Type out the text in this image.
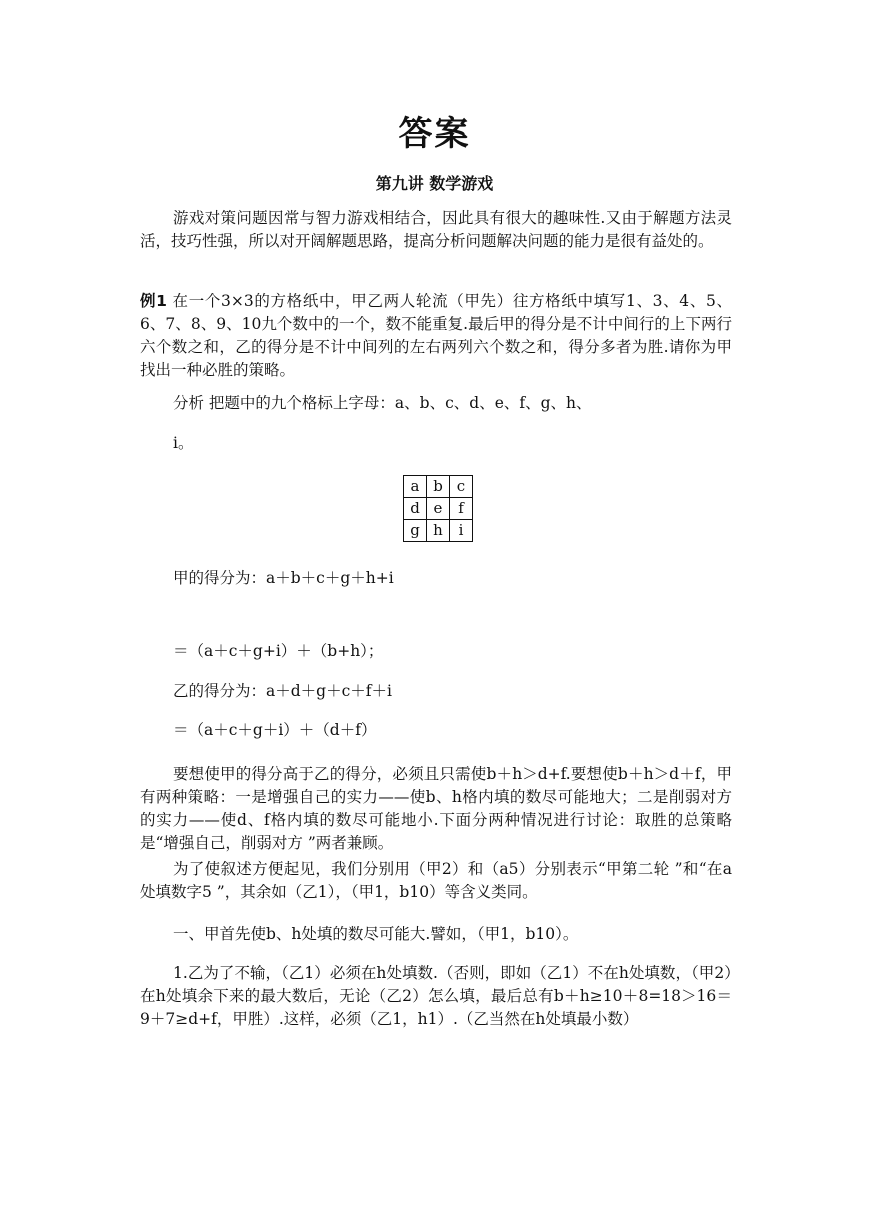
答案
第九讲 数学游戏

游戏对策问题因常与智力游戏相结合，因此具有很大的趣味性.又由于解题方法灵活，技巧性强，所以对开阔解题思路，提高分析问题解决问题的能力是很有益处的。

例1 在一个3×3的方格纸中，甲乙两人轮流（甲先）往方格纸中填写1、3、4、5、6、7、8、9、10九个数中的一个，数不能重复.最后甲的得分是不计中间行的上下两行六个数之和，乙的得分是不计中间列的左右两列六个数之和，得分多者为胜.请你为甲找出一种必胜的策略。

分析 把题中的九个格标上字母：a、b、c、d、e、f、g、h、
i。
a	b	c
d	e	f
g	h	i
甲的得分为：a＋b＋c＋g＋h+i
＝（a＋c＋g+i）＋（b+h）；
乙的得分为：a＋d＋g＋c＋f＋i
＝（a＋c＋g＋i）＋（d＋f）

要想使甲的得分高于乙的得分，必须且只需使b＋h＞d+f.要想使b＋h＞d＋f，甲有两种策略：一是增强自己的实力——使b、h格内填的数尽可能地大；二是削弱对方的实力——使d、f格内填的数尽可能地小.下面分两种情况进行讨论：取胜的总策略是“增强自己，削弱对方 ”两者兼顾。

为了使叙述方便起见，我们分别用（甲2）和（a5）分别表示“甲第二轮 ”和“在a处填数字5 ”，其余如（乙1），（甲1，b10）等含义类同。

一、甲首先使b、h处填的数尽可能大.譬如，（甲1，b10）。

1.乙为了不输，（乙1）必须在h处填数.（否则，即如（乙1）不在h处填数，（甲2）在h处填余下来的最大数后，无论（乙2）怎么填，最后总有b＋h≥10＋8=18＞16＝9＋7≥d+f，甲胜）.这样，必须（乙1，h1）.（乙当然在h处填最小数）
